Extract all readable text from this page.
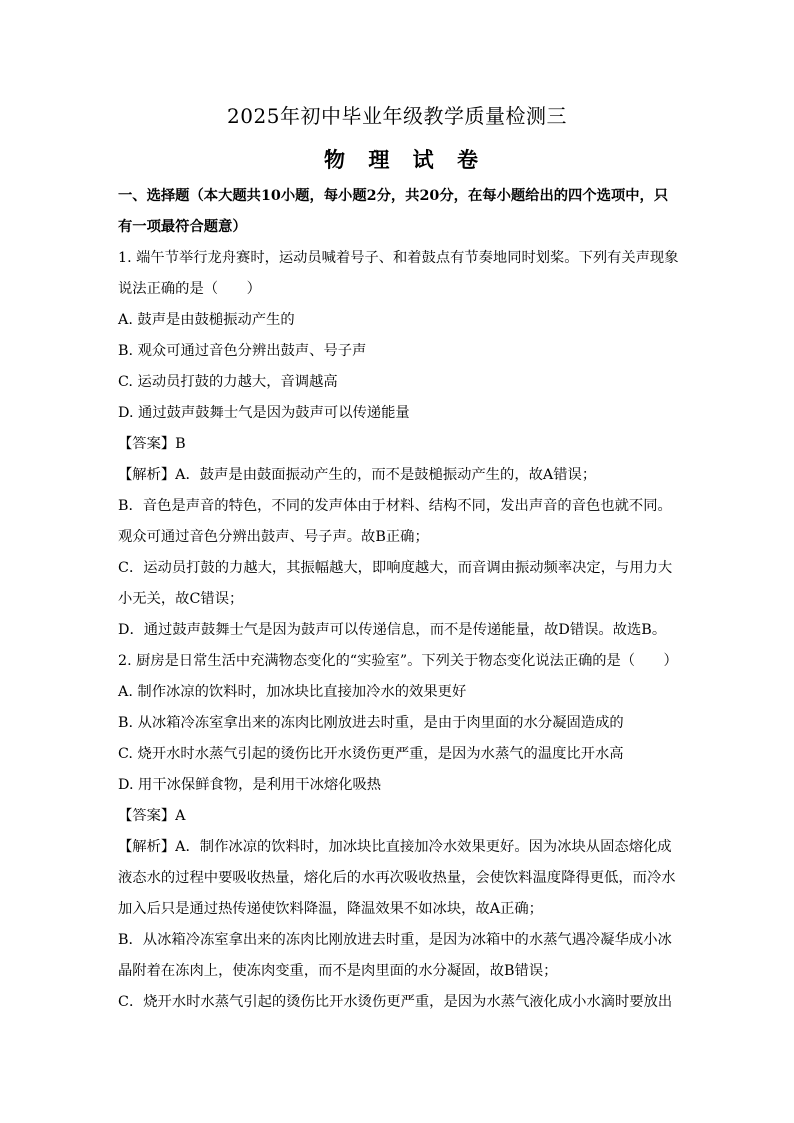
2025年初中毕业年级教学质量检测三
物 理 试 卷
一、选择题（本大题共10小题，每小题2分，共20分，在每小题给出的四个选项中，只
有一项最符合题意）
1. 端午节举行龙舟赛时，运动员喊着号子、和着鼓点有节奏地同时划桨。下列有关声现象
说法正确的是（　　）
A. 鼓声是由鼓槌振动产生的
B. 观众可通过音色分辨出鼓声、号子声
C. 运动员打鼓的力越大，音调越高
D. 通过鼓声鼓舞士气是因为鼓声可以传递能量
【答案】B
【解析】A．鼓声是由鼓面振动产生的，而不是鼓槌振动产生的，故A错误；
B．音色是声音的特色，不同的发声体由于材料、结构不同，发出声音的音色也就不同。
观众可通过音色分辨出鼓声、号子声。故B正确；
C．运动员打鼓的力越大，其振幅越大，即响度越大，而音调由振动频率决定，与用力大
小无关，故C错误；
D．通过鼓声鼓舞士气是因为鼓声可以传递信息，而不是传递能量，故D错误。故选B。
2. 厨房是日常生活中充满物态变化的“实验室”。下列关于物态变化说法正确的是（　　）
A. 制作冰凉的饮料时，加冰块比直接加冷水的效果更好
B. 从冰箱冷冻室拿出来的冻肉比刚放进去时重，是由于肉里面的水分凝固造成的
C. 烧开水时水蒸气引起的烫伤比开水烫伤更严重，是因为水蒸气的温度比开水高
D. 用干冰保鲜食物，是利用干冰熔化吸热
【答案】A
【解析】A．制作冰凉的饮料时，加冰块比直接加冷水效果更好。因为冰块从固态熔化成
液态水的过程中要吸收热量，熔化后的水再次吸收热量，会使饮料温度降得更低，而冷水
加入后只是通过热传递使饮料降温，降温效果不如冰块，故A正确；
B．从冰箱冷冻室拿出来的冻肉比刚放进去时重，是因为冰箱中的水蒸气遇冷凝华成小冰
晶附着在冻肉上，使冻肉变重，而不是肉里面的水分凝固，故B错误；
C．烧开水时水蒸气引起的烫伤比开水烫伤更严重，是因为水蒸气液化成小水滴时要放出
